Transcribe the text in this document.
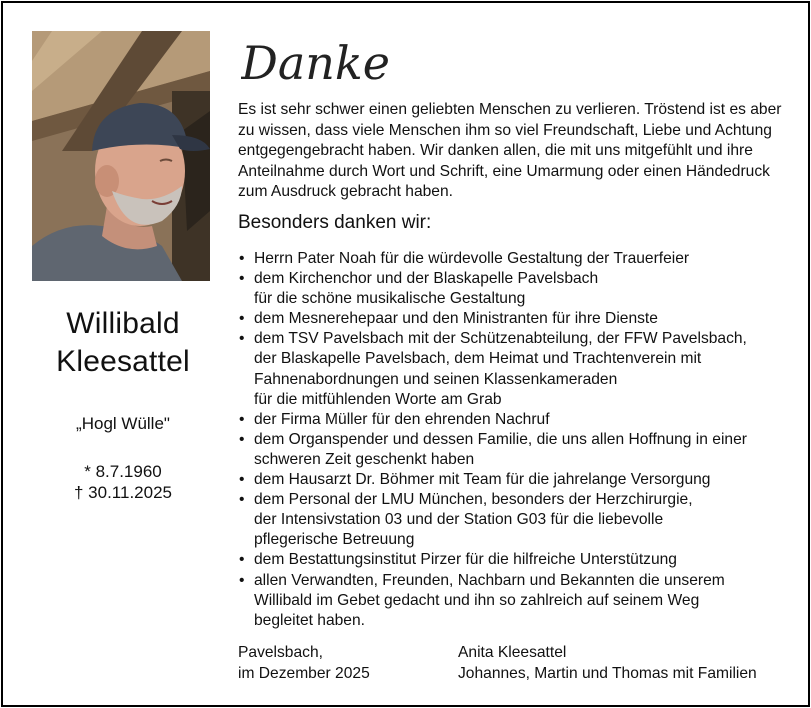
Willibald
Kleesattel
„Hogl Wülle"
* 8.7.1960
† 30.11.2025
Danke
Es ist sehr schwer einen geliebten Menschen zu verlieren. Tröstend ist es aber zu wissen, dass viele Menschen ihm so viel Freundschaft, Liebe und Achtung entgegengebracht haben. Wir danken allen, die mit uns mitgefühlt und ihre Anteilnahme durch Wort und Schrift, eine Umarmung oder einen Händedruck zum Ausdruck gebracht haben.
Besonders danken wir:
• Herrn Pater Noah für die würdevolle Gestaltung der Trauerfeier
• dem Kirchenchor und der Blaskapelle Pavelsbach
für die schöne musikalische Gestaltung
• dem Mesnerehepaar und den Ministranten für ihre Dienste
• dem TSV Pavelsbach mit der Schützenabteilung, der FFW Pavelsbach,
der Blaskapelle Pavelsbach, dem Heimat und Trachtenverein mit
Fahnenabordnungen und seinen Klassenkameraden
für die mitfühlenden Worte am Grab
• der Firma Müller für den ehrenden Nachruf
• dem Organspender und dessen Familie, die uns allen Hoffnung in einer
schweren Zeit geschenkt haben
• dem Hausarzt Dr. Böhmer mit Team für die jahrelange Versorgung
• dem Personal der LMU München, besonders der Herzchirurgie,
der Intensivstation 03 und der Station G03 für die liebevolle
pflegerische Betreuung
• dem Bestattungsinstitut Pirzer für die hilfreiche Unterstützung
• allen Verwandten, Freunden, Nachbarn und Bekannten die unserem
Willibald im Gebet gedacht und ihn so zahlreich auf seinem Weg
begleitet haben.
Pavelsbach,
im Dezember 2025
Anita Kleesattel
Johannes, Martin und Thomas mit Familien
